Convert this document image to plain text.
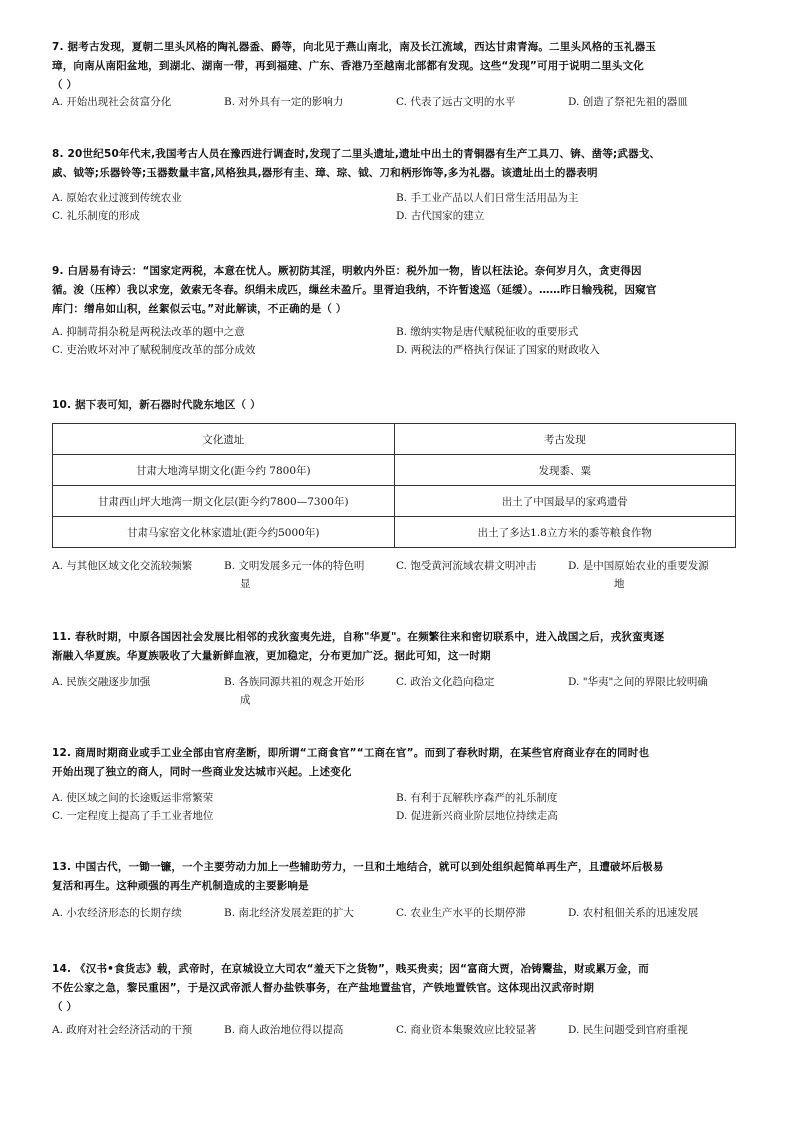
7. 据考古发现，夏朝二里头风格的陶礼器盉、爵等，向北见于燕山南北，南及长江流域，西达甘肃青海。二里头风格的玉礼器玉
璋，向南从南阳盆地，到湖北、湖南一带，再到福建、广东、香港乃至越南北部都有发现。这些“发现”可用于说明二里头文化
（ ）
A. 开始出现社会贫富分化	B. 对外具有一定的影响力	C. 代表了远古文明的水平	D. 创造了祭祀先祖的器皿
8. 20世纪50年代末,我国考古人员在豫西进行调查时,发现了二里头遗址,遗址中出土的青铜器有生产工具刀、锛、凿等;武器戈、
戚、钺等;乐器铃等;玉器数量丰富,风格独具,器形有圭、璋、琮、钺、刀和柄形饰等,多为礼器。该遗址出土的器表明
A. 原始农业过渡到传统农业	B. 手工业产品以人们日常生活用品为主
C. 礼乐制度的形成	D. 古代国家的建立
9. 白居易有诗云：“国家定两税，本意在忧人。厥初防其淫，明敕内外臣：税外加一物，皆以枉法论。奈何岁月久，贪吏得因
循。浚（压榨）我以求宠，敛索无冬春。织绢未成匹，缫丝未盈斤。里胥迫我纳，不许暂逡巡（延缓）。……昨日输残税，因窥官
库门：缯帛如山积，丝絮似云屯。”对此解读，不正确的是（ ）
A. 抑制苛捐杂税是两税法改革的题中之意	B. 缴纳实物是唐代赋税征收的重要形式
C. 吏治败坏对冲了赋税制度改革的部分成效	D. 两税法的严格执行保证了国家的财政收入
10. 据下表可知，新石器时代陇东地区（ ）
文化遗址	考古发现
甘肃大地湾早期文化(距今约 7800年)	发现黍、粟
甘肃西山坪大地湾一期文化层(距今约7800—7300年)	出土了中国最早的家鸡遗骨
甘肃马家窑文化林家遗址(距今约5000年)	出土了多达1.8立方米的黍等粮食作物
A. 与其他区域文化交流较频繁	B. 文明发展多元一体的特色明
显
C. 饱受黄河流域农耕文明冲击	D. 是中国原始农业的重要发源
地
11. 春秋时期，中原各国因社会发展比相邻的戎狄蛮夷先进，自称"华夏"。在频繁往来和密切联系中，进入战国之后，戎狄蛮夷逐
渐融入华夏族。华夏族吸收了大量新鲜血液，更加稳定，分布更加广泛。据此可知，这一时期
A. 民族交融逐步加强	B. 各族同源共祖的观念开始形
成
C. 政治文化趋向稳定	D. "华夷"之间的界限比较明确
12. 商周时期商业或手工业全部由官府垄断，即所谓“工商食官”“工商在官”。而到了春秋时期，在某些官府商业存在的同时也
开始出现了独立的商人，同时一些商业发达城市兴起。上述变化
A. 使区域之间的长途贩运非常繁荣	B. 有利于瓦解秩序森严的礼乐制度
C. 一定程度上提高了手工业者地位	D. 促进新兴商业阶层地位持续走高
13. 中国古代，一锄一镰，一个主要劳动力加上一些辅助劳力，一旦和土地结合，就可以到处组织起简单再生产，且遭破坏后极易
复活和再生。这种顽强的再生产机制造成的主要影响是
A. 小农经济形态的长期存续	B. 南北经济发展差距的扩大	C. 农业生产水平的长期停滞	D. 农村租佃关系的迅速发展
14. 《汉书•食货志》载，武帝时，在京城设立大司农“羞天下之货物”，贱买贵卖；因“富商大贾，冶铸鬻盐，财或累万金，而
不佐公家之急，黎民重困”，于是汉武帝派人督办盐铁事务，在产盐地置盐官，产铁地置铁官。这体现出汉武帝时期
（ ）
A. 政府对社会经济活动的干预	B. 商人政治地位得以提高	C. 商业资本集聚效应比较显著	D. 民生问题受到官府重视
